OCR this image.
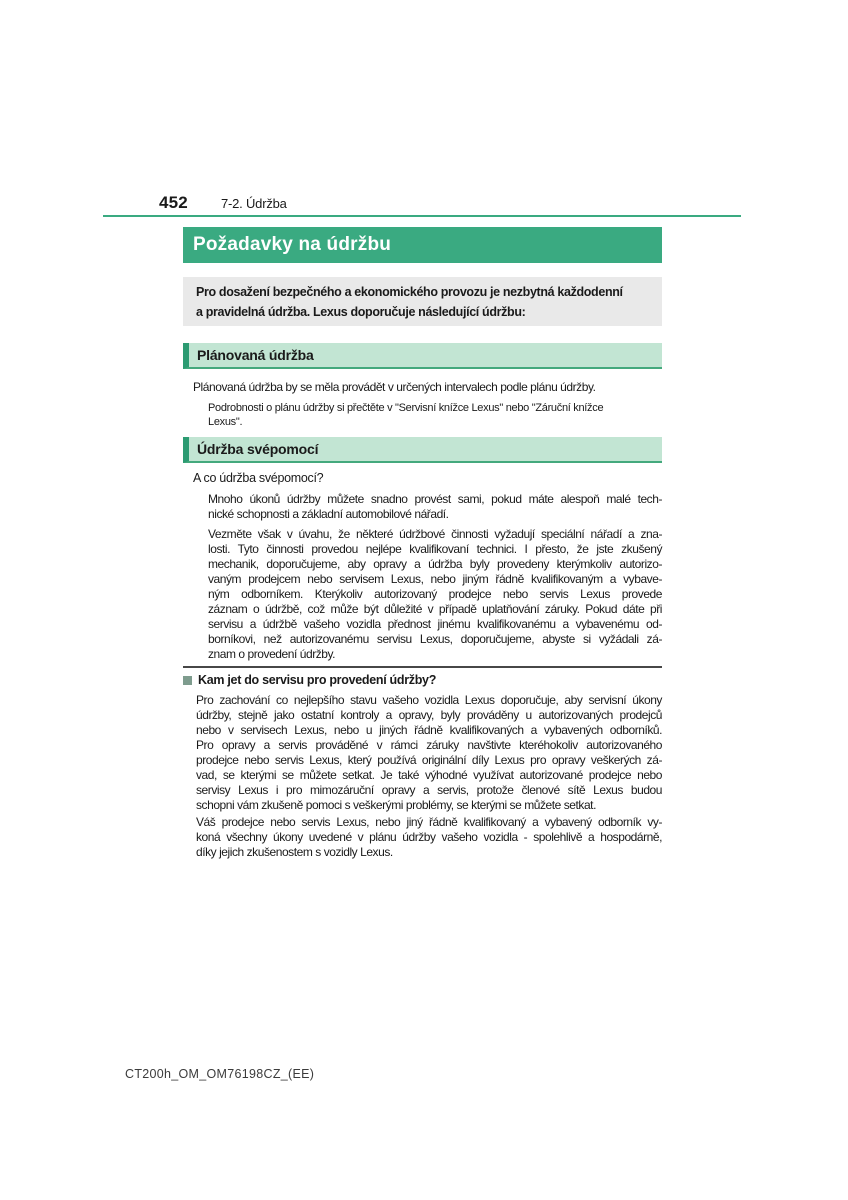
452	7-2. Údržba
Požadavky na údržbu
Pro dosažení bezpečného a ekonomického provozu je nezbytná každodenní
a pravidelná údržba. Lexus doporučuje následující údržbu:
Plánovaná údržba
Plánovaná údržba by se měla provádět v určených intervalech podle plánu údržby.
Podrobnosti o plánu údržby si přečtěte v "Servisní knížce Lexus" nebo "Záruční knížce
Lexus".
Údržba svépomocí
A co údržba svépomocí?
Mnoho úkonů údržby můžete snadno provést sami, pokud máte alespoň malé tech-
nické schopnosti a základní automobilové nářadí.
Vezměte však v úvahu, že některé údržbové činnosti vyžadují speciální nářadí a zna-
losti. Tyto činnosti provedou nejlépe kvalifikovaní technici. I přesto, že jste zkušený
mechanik, doporučujeme, aby opravy a údržba byly provedeny kterýmkoliv autorizo-
vaným prodejcem nebo servisem Lexus, nebo jiným řádně kvalifikovaným a vybave-
ným odborníkem. Kterýkoliv autorizovaný prodejce nebo servis Lexus provede
záznam o údržbě, což může být důležité v případě uplatňování záruky. Pokud dáte při
servisu a údržbě vašeho vozidla přednost jinému kvalifikovanému a vybavenému od-
borníkovi, než autorizovanému servisu Lexus, doporučujeme, abyste si vyžádali zá-
znam o provedení údržby.
Kam jet do servisu pro provedení údržby?
Pro zachování co nejlepšího stavu vašeho vozidla Lexus doporučuje, aby servisní úkony
údržby, stejně jako ostatní kontroly a opravy, byly prováděny u autorizovaných prodejců
nebo v servisech Lexus, nebo u jiných řádně kvalifikovaných a vybavených odborníků.
Pro opravy a servis prováděné v rámci záruky navštivte kteréhokoliv autorizovaného
prodejce nebo servis Lexus, který používá originální díly Lexus pro opravy veškerých zá-
vad, se kterými se můžete setkat. Je také výhodné využívat autorizované prodejce nebo
servisy Lexus i pro mimozáruční opravy a servis, protože členové sítě Lexus budou
schopni vám zkušeně pomoci s veškerými problémy, se kterými se můžete setkat.
Váš prodejce nebo servis Lexus, nebo jiný řádně kvalifikovaný a vybavený odborník vy-
koná všechny úkony uvedené v plánu údržby vašeho vozidla - spolehlivě a hospodárně,
díky jejich zkušenostem s vozidly Lexus.
CT200h_OM_OM76198CZ_(EE)
